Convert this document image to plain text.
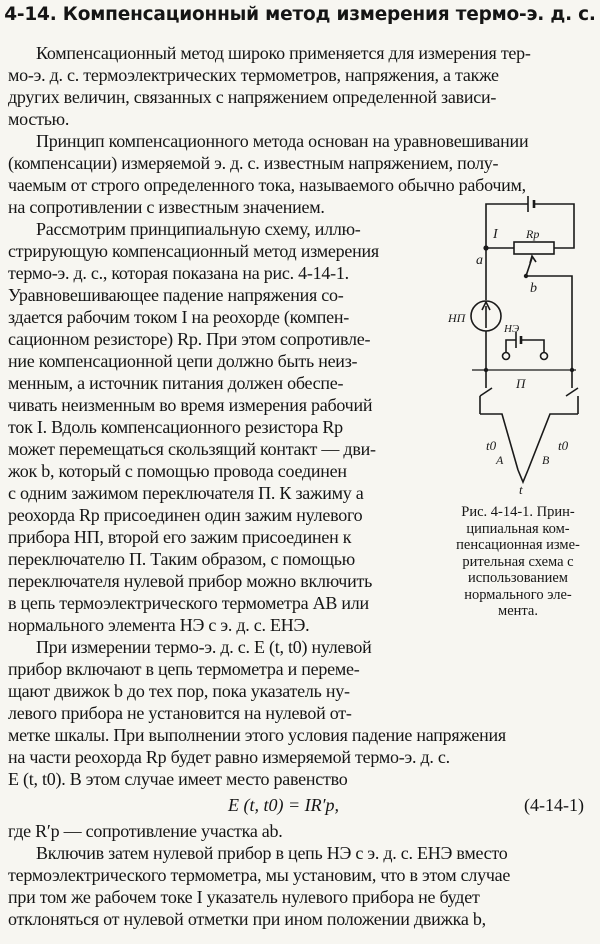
4-14. Компенсационный метод измерения термо-э. д. с.
Компенсационный метод широко применяется для измерения тер-
мо-э. д. с. термоэлектрических термометров, напряжения, а также
других величин, связанных с напряжением определенной зависи-
мостью.
Принцип компенсационного метода основан на уравновешивании
(компенсации) измеряемой э. д. с. известным напряжением, полу-
чаемым от строго определенного тока, называемого обычно рабочим,
на сопротивлении с известным значением.
Рассмотрим принципиальную схему, иллю-
стрирующую компенсационный метод измерения
термо-э. д. с., которая показана на рис. 4-14-1.
Уравновешивающее падение напряжения со-
здается рабочим током I на реохорде (компен-
сационном резисторе) Rр. При этом сопротивле-
ние компенсационной цепи должно быть неиз-
менным, а источник питания должен обеспе-
чивать неизменным во время измерения рабочий
ток I. Вдоль компенсационного резистора Rр
может перемещаться скользящий контакт — дви-
жок b, который с помощью провода соединен
с одним зажимом переключателя П. К зажиму a
реохорда Rр присоединен один зажим нулевого
прибора НП, второй его зажим присоединен к
переключателю П. Таким образом, с помощью
переключателя нулевой прибор можно включить
в цепь термоэлектрического термометра AB или
нормального элемента НЭ с э. д. с. EНЭ.
При измерении термо-э. д. с. E (t, t0) нулевой
прибор включают в цепь термометра и переме-
щают движок b до тех пор, пока указатель ну-
левого прибора не установится на нулевой от-
метке шкалы. При выполнении этого условия падение напряжения
на части реохорда Rр будет равно измеряемой термо-э. д. с.
E (t, t0). В этом случае имеет место равенство
где R′р — сопротивление участка ab.
Включив затем нулевой прибор в цепь НЭ с э. д. с. EНЭ вместо
термоэлектрического термометра, мы установим, что в этом случае
при том же рабочем токе I указатель нулевого прибора не будет
отклоняться от нулевой отметки при ином положении движка b,
E (t, t0) = IR′р,	(4-14-1)
I Rр
a
b
НП
НЭ
П
t0	t0
A	B
t
Рис. 4-14-1. Прин-
ципиальная ком-
пенсационная изме-
рительная схема с
использованием
нормального эле-
мента.
